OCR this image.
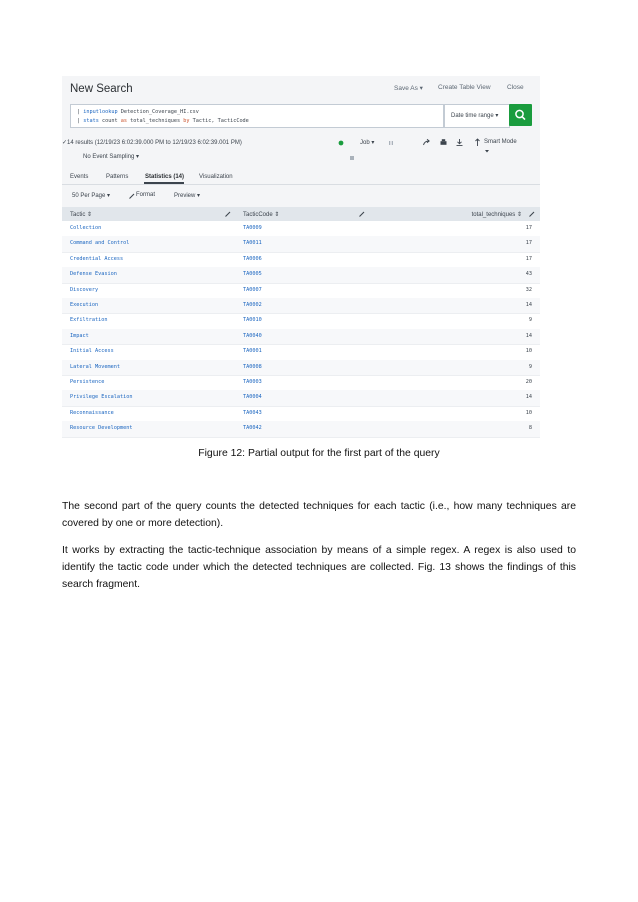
New Search	Save As ▾ Create Table View	Close
| inputlookup Detection_Coverage_HI.csv
| stats count as total_techniques by Tactic, TacticCode
Date time range ▾
✓14 results (12/19/23 6:02:39.000 PM to 12/19/23 6:02:39.001 PM)
No Event Sampling ▾
Job ▾	Smart Mode
Events	Patterns	Statistics (14) Visualization
50 Per Page ▾	Format	Preview ▾
Tactic ⇕	TacticCode ⇕	total_techniques ⇕
Collection	TA0009	17
Command and Control	TA0011	17
Credential Access	TA0006	17
Defense Evasion	TA0005	43
Discovery	TA0007	32
Execution	TA0002	14
Exfiltration	TA0010	9
Impact	TA0040	14
Initial Access	TA0001	10
Lateral Movement	TA0008	9
Persistence	TA0003	20
Privilege Escalation	TA0004	14
Reconnaissance	TA0043	10
Resource Development	TA0042	8
Figure 12: Partial output for the first part of the query
The second part of the query counts the detected techniques for each tactic (i.e., how many techniques are covered by one or more detection).
It works by extracting the tactic-technique association by means of a simple regex. A regex is also used to identify the tactic code under which the detected techniques are collected. Fig. 13 shows the findings of this search fragment.
